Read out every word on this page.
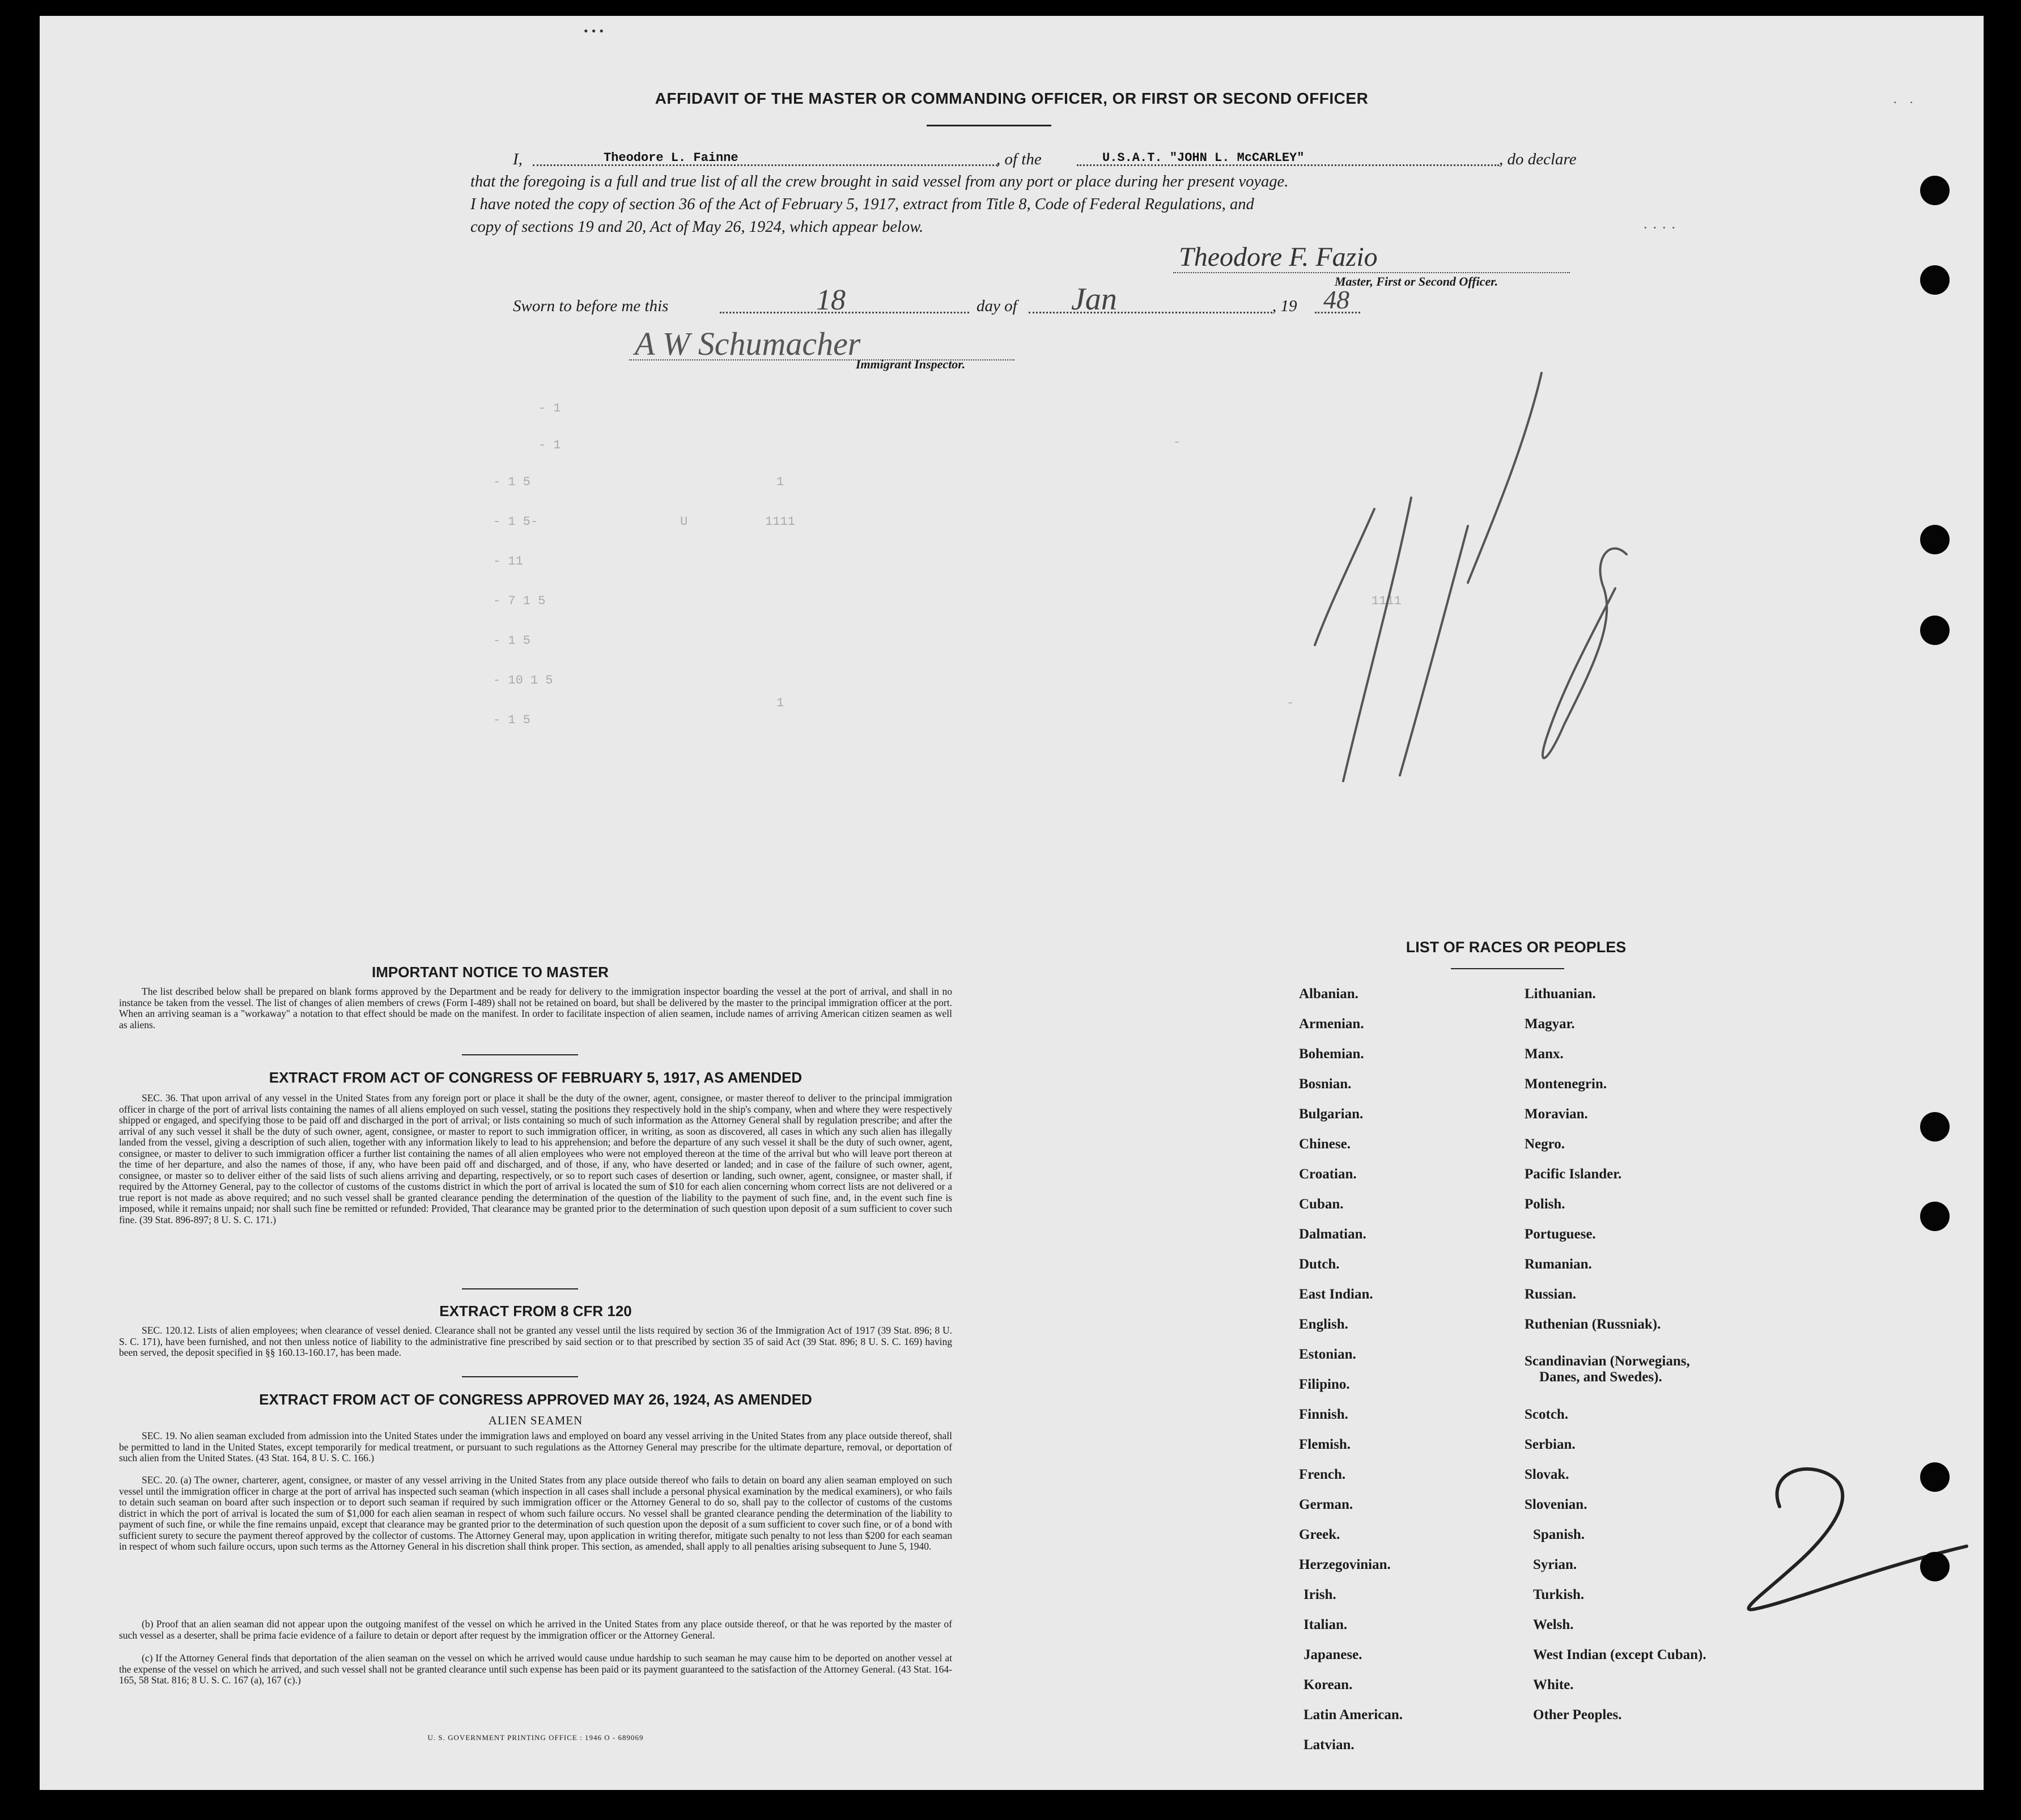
- 1
- 1
- 1 5
- 1 5-
- 11
- 7 1 5
- 1 5
- 10 1 5
- 1 5
1
U	1111
1
-
1111
-
AFFIDAVIT OF THE MASTER OR COMMANDING OFFICER, OR FIRST OR SECOND OFFICER
I,	Theodore L. Fainne	, of the	U.S.A.T. "JOHN L. McCARLEY"	, do declare
that the foregoing is a full and true list of all the crew brought in said vessel from any port or place during her present voyage.
I have noted the copy of section 36 of the Act of February 5, 1917, extract from Title 8, Code of Federal Regulations, and
copy of sections 19 and 20, Act of May 26, 1924, which appear below.	....
Theodore F. Fazio
Master, First or Second Officer.
Sworn to before me this	18	day of Jan	, 19 48
A W Schumacher
Immigrant Inspector.
IMPORTANT NOTICE TO MASTER
The list described below shall be prepared on blank forms approved by the Department and be ready for delivery to the immigration inspector boarding the vessel at the port of arrival, and shall in no instance be taken from the vessel. The list of changes of alien members of crews (Form I-489) shall not be retained on board, but shall be delivered by the master to the principal immigration officer at the port. When an arriving seaman is a "workaway" a notation to that effect should be made on the manifest. In order to facilitate inspection of alien seamen, include names of arriving American citizen seamen as well as aliens.
EXTRACT FROM ACT OF CONGRESS OF FEBRUARY 5, 1917, AS AMENDED
SEC. 36. That upon arrival of any vessel in the United States from any foreign port or place it shall be the duty of the owner, agent, consignee, or master thereof to deliver to the principal immigration officer in charge of the port of arrival lists containing the names of all aliens employed on such vessel, stating the positions they respectively hold in the ship's company, when and where they were respectively shipped or engaged, and specifying those to be paid off and discharged in the port of arrival; or lists containing so much of such information as the Attorney General shall by regulation prescribe; and after the arrival of any such vessel it shall be the duty of such owner, agent, consignee, or master to report to such immigration officer, in writing, as soon as discovered, all cases in which any such alien has illegally landed from the vessel, giving a description of such alien, together with any information likely to lead to his apprehension; and before the departure of any such vessel it shall be the duty of such owner, agent, consignee, or master to deliver to such immigration officer a further list containing the names of all alien employees who were not employed thereon at the time of the arrival but who will leave port thereon at the time of her departure, and also the names of those, if any, who have been paid off and discharged, and of those, if any, who have deserted or landed; and in case of the failure of such owner, agent, consignee, or master so to deliver either of the said lists of such aliens arriving and departing, respectively, or so to report such cases of desertion or landing, such owner, agent, consignee, or master shall, if required by the Attorney General, pay to the collector of customs of the customs district in which the port of arrival is located the sum of $10 for each alien concerning whom correct lists are not delivered or a true report is not made as above required; and no such vessel shall be granted clearance pending the determination of the question of the liability to the payment of such fine, and, in the event such fine is imposed, while it remains unpaid; nor shall such fine be remitted or refunded: Provided, That clearance may be granted prior to the determination of such question upon deposit of a sum sufficient to cover such fine. (39 Stat. 896-897; 8 U. S. C. 171.)
EXTRACT FROM 8 CFR 120
SEC. 120.12. Lists of alien employees; when clearance of vessel denied. Clearance shall not be granted any vessel until the lists required by section 36 of the Immigration Act of 1917 (39 Stat. 896; 8 U. S. C. 171), have been furnished, and not then unless notice of liability to the administrative fine prescribed by said section or to that prescribed by section 35 of said Act (39 Stat. 896; 8 U. S. C. 169) having been served, the deposit specified in §§ 160.13-160.17, has been made.
EXTRACT FROM ACT OF CONGRESS APPROVED MAY 26, 1924, AS AMENDED
ALIEN SEAMEN
SEC. 19. No alien seaman excluded from admission into the United States under the immigration laws and employed on board any vessel arriving in the United States from any place outside thereof, shall be permitted to land in the United States, except temporarily for medical treatment, or pursuant to such regulations as the Attorney General may prescribe for the ultimate departure, removal, or deportation of such alien from the United States. (43 Stat. 164, 8 U. S. C. 166.)
SEC. 20. (a) The owner, charterer, agent, consignee, or master of any vessel arriving in the United States from any place outside thereof who fails to detain on board any alien seaman employed on such vessel until the immigration officer in charge at the port of arrival has inspected such seaman (which inspection in all cases shall include a personal physical examination by the medical examiners), or who fails to detain such seaman on board after such inspection or to deport such seaman if required by such immigration officer or the Attorney General to do so, shall pay to the collector of customs of the customs district in which the port of arrival is located the sum of $1,000 for each alien seaman in respect of whom such failure occurs. No vessel shall be granted clearance pending the determination of the liability to payment of such fine, or while the fine remains unpaid, except that clearance may be granted prior to the determination of such question upon the deposit of a sum sufficient to cover such fine, or of a bond with sufficient surety to secure the payment thereof approved by the collector of customs. The Attorney General may, upon application in writing therefor, mitigate such penalty to not less than $200 for each seaman in respect of whom such failure occurs, upon such terms as the Attorney General in his discretion shall think proper. This section, as amended, shall apply to all penalties arising subsequent to June 5, 1940.
(b) Proof that an alien seaman did not appear upon the outgoing manifest of the vessel on which he arrived in the United States from any place outside thereof, or that he was reported by the master of such vessel as a deserter, shall be prima facie evidence of a failure to detain or deport after request by the immigration officer or the Attorney General.
(c) If the Attorney General finds that deportation of the alien seaman on the vessel on which he arrived would cause undue hardship to such seaman he may cause him to be deported on another vessel at the expense of the vessel on which he arrived, and such vessel shall not be granted clearance until such expense has been paid or its payment guaranteed to the satisfaction of the Attorney General. (43 Stat. 164-165, 58 Stat. 816; 8 U. S. C. 167 (a), 167 (c).)
U. S. GOVERNMENT PRINTING OFFICE : 1946 O - 689069
LIST OF RACES OR PEOPLES
Albanian.
Armenian.
Bohemian.
Bosnian.
Bulgarian.
Chinese.
Croatian.
Cuban.
Dalmatian.
Dutch.
East Indian.
English.
Estonian.
Filipino.
Finnish.
Flemish.
French.
German.
Greek.
Herzegovinian.
Irish.
Italian.
Japanese.
Korean.
Latin American.
Latvian.
Lithuanian.
Magyar.
Manx.
Montenegrin.
Moravian.
Negro.
Pacific Islander.
Polish.
Portuguese.
Rumanian.
Russian.
Ruthenian (Russniak).
Scandinavian (Norwegians,
Danes, and Swedes).
Scotch.
Serbian.
Slovak.
Slovenian.
Spanish.
Syrian.
Turkish.
Welsh.
West Indian (except Cuban).
White.
Other Peoples.
•••
· ·
